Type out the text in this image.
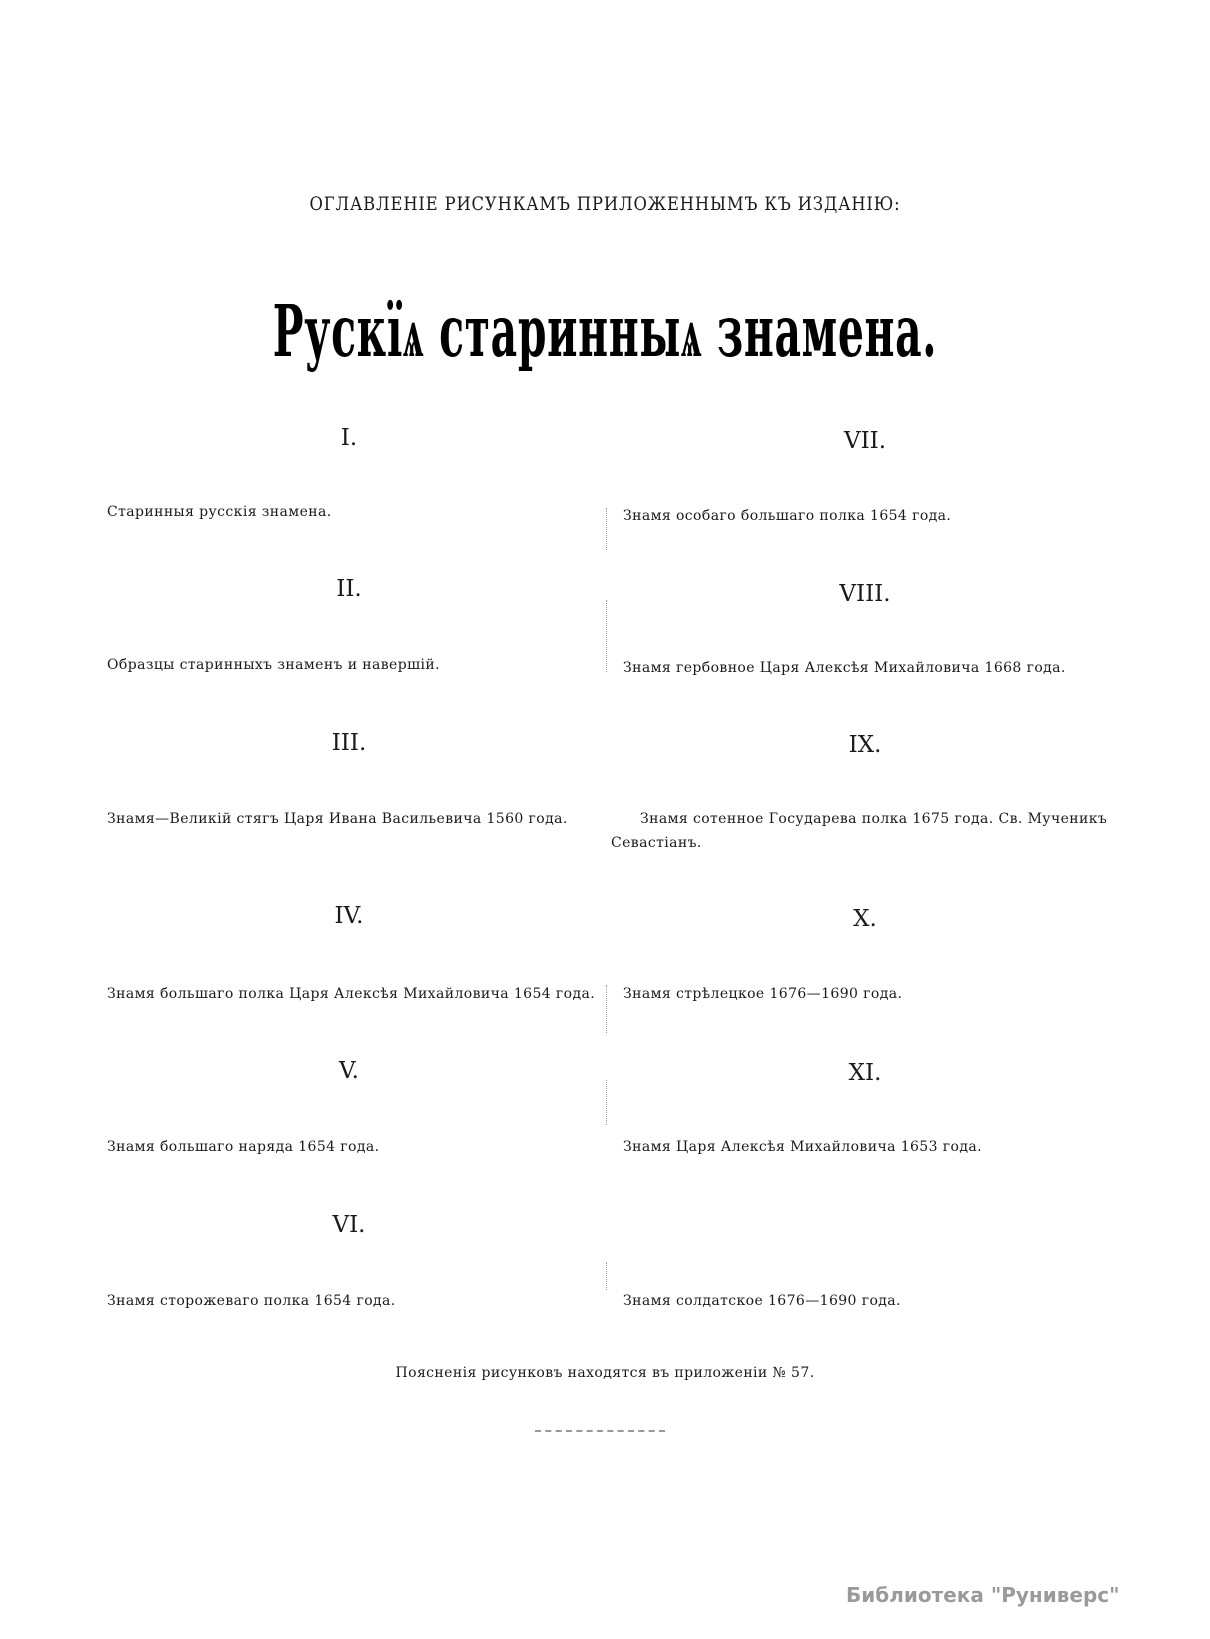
ОГЛАВЛЕНІЕ РИСУНКАМЪ ПРИЛОЖЕННЫМЪ КЪ ИЗДАНІЮ:
Рускїѧ старинныѧ знамена.
I.
Старинныя русскія знамена.
II.
Образцы старинныхъ знаменъ и навершій.
III.
Знамя—Великій стягъ Царя Ивана Васильевича 1560 года.
IV.
Знамя большаго полка Царя Алексѣя Михайловича 1654 года.
V.
Знамя большаго наряда 1654 года.
VI.
Знамя сторожеваго полка 1654 года.
VII.
Знамя особаго большаго полка 1654 года.
VIII.
Знамя гербовное Царя Алексѣя Михайловича 1668 года.
IX.
Знамя сотенное Государева полка 1675 года. Св. Мученикъ Севастіанъ.
X.
Знамя стрѣлецкое 1676—1690 года.
XI.
Знамя Царя Алексѣя Михайловича 1653 года.
Знамя солдатское 1676—1690 года.
Поясненія рисунковъ находятся въ приложеніи № 57.
Библиотека "Руниверс"
